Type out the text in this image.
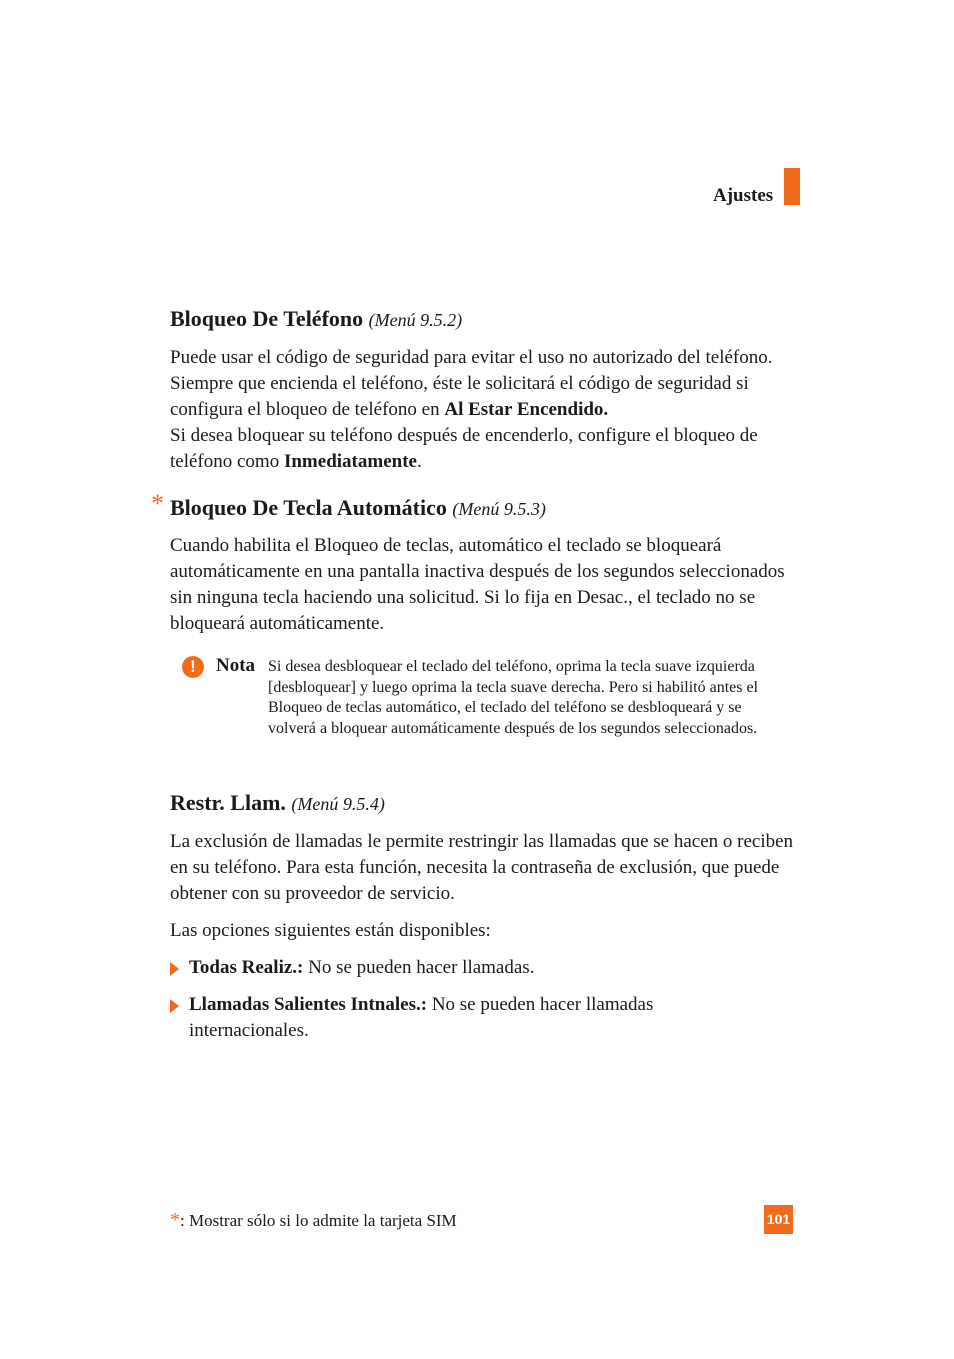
Ajustes
Bloqueo De Teléfono (Menú 9.5.2)
Puede usar el código de seguridad para evitar el uso no autorizado del teléfono. Siempre que encienda el teléfono, éste le solicitará el código de seguridad si configura el bloqueo de teléfono en Al Estar Encendido.
Si desea bloquear su teléfono después de encenderlo, configure el bloqueo de teléfono como Inmediatamente.
* Bloqueo De Tecla Automático (Menú 9.5.3)
Cuando habilita el Bloqueo de teclas, automático el teclado se bloqueará automáticamente en una pantalla inactiva después de los segundos seleccionados sin ninguna tecla haciendo una solicitud. Si lo fija en Desac., el teclado no se bloqueará automáticamente.
!	Nota Si desea desbloquear el teclado del teléfono, oprima la tecla suave izquierda [desbloquear] y luego oprima la tecla suave derecha. Pero si habilitó antes el Bloqueo de teclas automático, el teclado del teléfono se desbloqueará y se volverá a bloquear automáticamente después de los segundos seleccionados.
Restr. Llam. (Menú 9.5.4)
La exclusión de llamadas le permite restringir las llamadas que se hacen o reciben en su teléfono. Para esta función, necesita la contraseña de exclusión, que puede obtener con su proveedor de servicio.
Las opciones siguientes están disponibles:
Todas Realiz.: No se pueden hacer llamadas.
Llamadas Salientes Intnales.: No se pueden hacer llamadas internacionales.
*: Mostrar sólo si lo admite la tarjeta SIM	101
